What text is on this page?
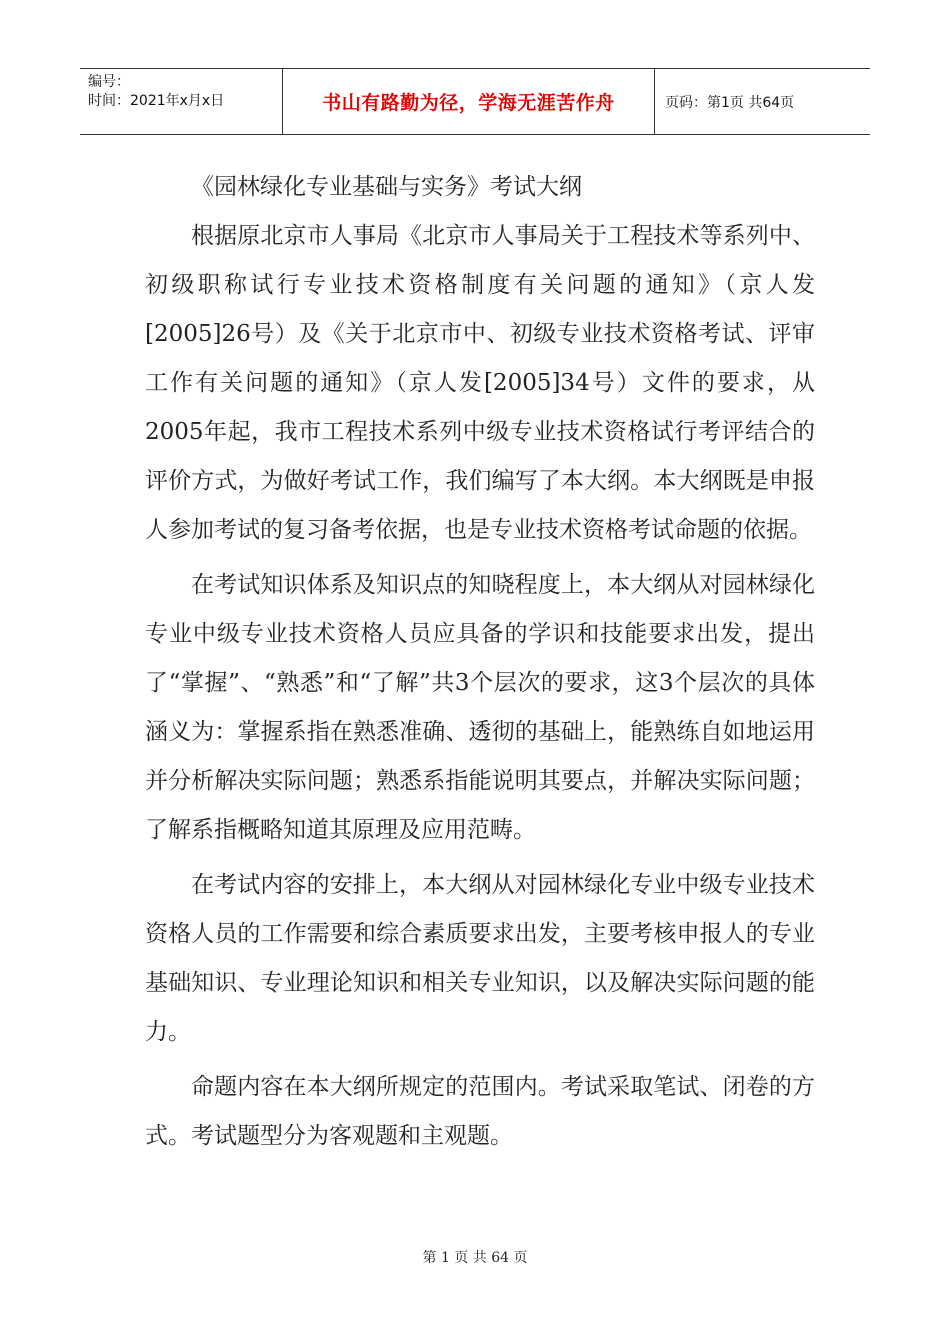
编号：
时间：2021年x月x日	书山有路勤为径，学海无涯苦作舟	页码：第1页 共64页

《园林绿化专业基础与实务》考试大纲

根据原北京市人事局《北京市人事局关于工程技术等系列中、初级职称试行专业技术资格制度有关问题的通知》（京人发[2005]26号）及《关于北京市中、初级专业技术资格考试、评审工作有关问题的通知》（京人发[2005]34号）文件的要求，从2005年起，我市工程技术系列中级专业技术资格试行考评结合的评价方式，为做好考试工作，我们编写了本大纲。本大纲既是申报人参加考试的复习备考依据，也是专业技术资格考试命题的依据。

在考试知识体系及知识点的知晓程度上，本大纲从对园林绿化专业中级专业技术资格人员应具备的学识和技能要求出发，提出了“掌握”、“熟悉”和“了解”共3个层次的要求，这3个层次的具体涵义为：掌握系指在熟悉准确、透彻的基础上，能熟练自如地运用并分析解决实际问题；熟悉系指能说明其要点，并解决实际问题；了解系指概略知道其原理及应用范畴。

在考试内容的安排上，本大纲从对园林绿化专业中级专业技术资格人员的工作需要和综合素质要求出发，主要考核申报人的专业基础知识、专业理论知识和相关专业知识，以及解决实际问题的能力。

命题内容在本大纲所规定的范围内。考试采取笔试、闭卷的方式。考试题型分为客观题和主观题。

第 1 页 共 64 页
